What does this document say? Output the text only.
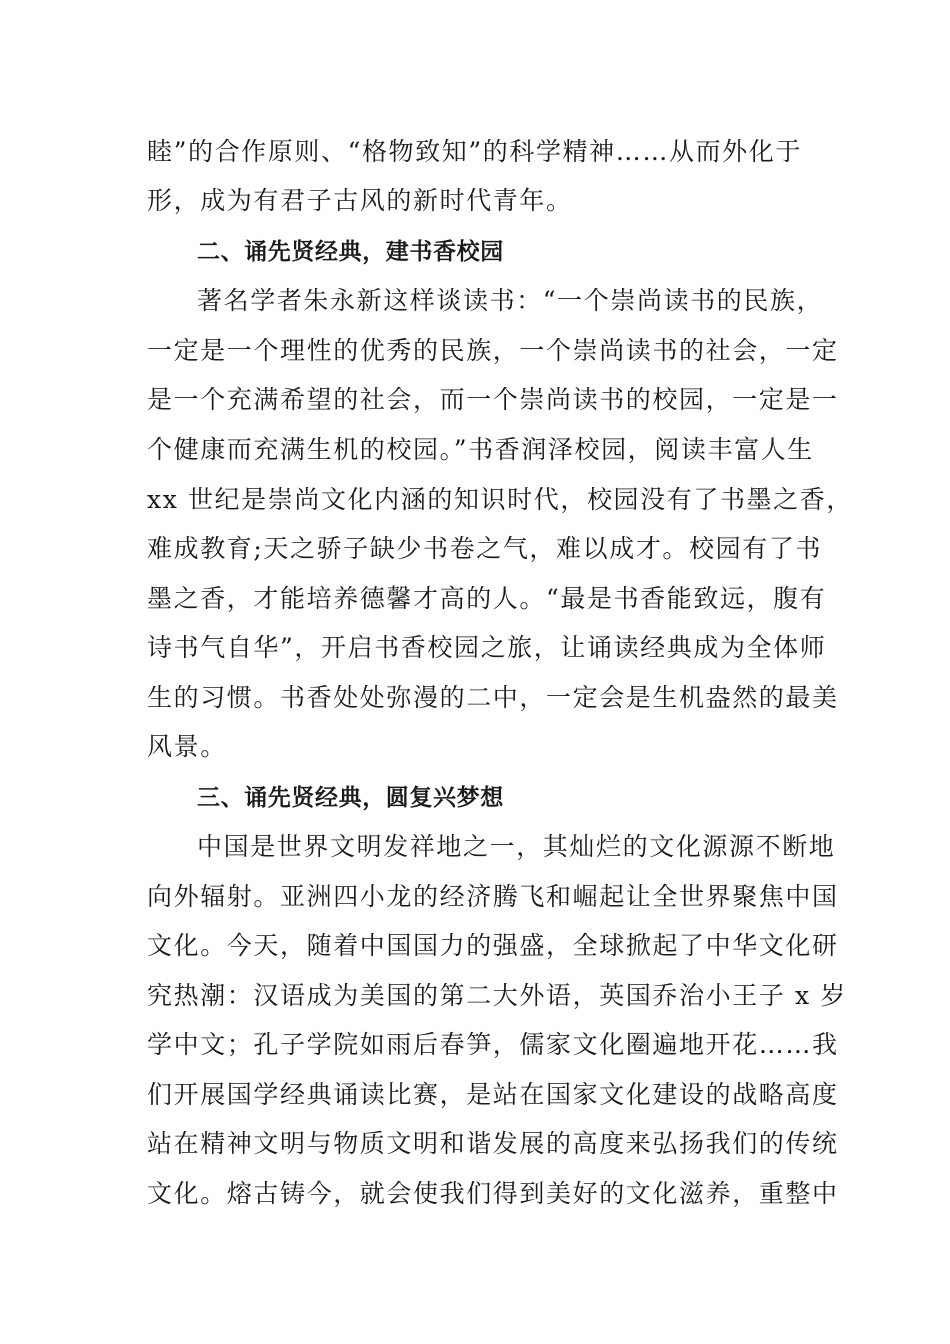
睦”的合作原则、“格物致知”的科学精神……从而外化于
形，成为有君子古风的新时代青年。
二、诵先贤经典，建书香校园
著名学者朱永新这样谈读书：“一个崇尚读书的民族，
一定是一个理性的优秀的民族，一个崇尚读书的社会，一定
是一个充满希望的社会，而一个崇尚读书的校园，一定是一
个健康而充满生机的校园。”书香润泽校园，阅读丰富人生
xx 世纪是崇尚文化内涵的知识时代，校园没有了书墨之香，
难成教育;天之骄子缺少书卷之气，难以成才。校园有了书
墨之香，才能培养德馨才高的人。“最是书香能致远，腹有
诗书气自华”，开启书香校园之旅，让诵读经典成为全体师
生的习惯。书香处处弥漫的二中，一定会是生机盎然的最美
风景。
三、诵先贤经典，圆复兴梦想
中国是世界文明发祥地之一，其灿烂的文化源源不断地
向外辐射。亚洲四小龙的经济腾飞和崛起让全世界聚焦中国
文化。今天，随着中国国力的强盛，全球掀起了中华文化研
究热潮：汉语成为美国的第二大外语，英国乔治小王子 x 岁
学中文；孔子学院如雨后春笋，儒家文化圈遍地开花……我
们开展国学经典诵读比赛，是站在国家文化建设的战略高度
站在精神文明与物质文明和谐发展的高度来弘扬我们的传统
文化。熔古铸今，就会使我们得到美好的文化滋养，重整中
